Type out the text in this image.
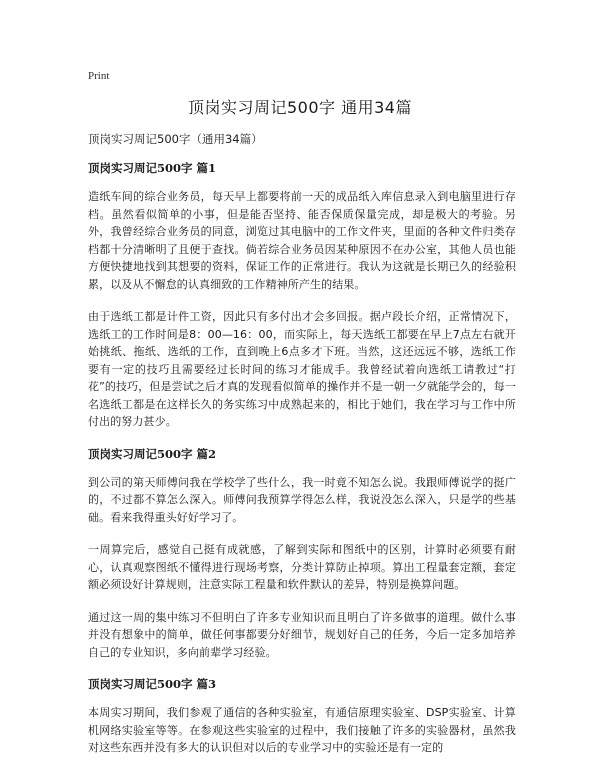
Print
顶岗实习周记500字 通用34篇
顶岗实习周记500字（通用34篇）
顶岗实习周记500字 篇1

造纸车间的综合业务员，每天早上都要将前一天的成品纸入库信息录入到电脑里进行存档。虽然看似简单的小事，但是能否坚持、能否保质保量完成，却是极大的考验。另外，我曾经综合业务员的同意，浏览过其电脑中的工作文件夹，里面的各种文件归类存档都十分清晰明了且便于查找。倘若综合业务员因某种原因不在办公室，其他人员也能方便快捷地找到其想要的资料，保证工作的正常进行。我认为这就是长期已久的经验积累，以及从不懈怠的认真细致的工作精神所产生的结果。

由于选纸工都是计件工资，因此只有多付出才会多回报。据卢段长介绍，正常情况下，选纸工的工作时间是8：00—16：00，而实际上，每天选纸工都要在早上7点左右就开始挑纸、拖纸、选纸的工作，直到晚上6点多才下班。当然，这还远远不够，选纸工作要有一定的技巧且需要经过长时间的练习才能成手。我曾经试着向选纸工请教过“打花”的技巧，但是尝试之后才真的发现看似简单的操作并不是一朝一夕就能学会的，每一名选纸工都是在这样长久的务实练习中成熟起来的，相比于她们，我在学习与工作中所付出的努力甚少。

顶岗实习周记500字 篇2

到公司的第天师傅问我在学校学了些什么，我一时竟不知怎么说。我跟师傅说学的挺广的，不过都不算怎么深入。师傅问我预算学得怎么样，我说没怎么深入，只是学的些基础。看来我得重头好好学习了。

一周算完后，感觉自己挺有成就感，了解到实际和图纸中的区别，计算时必须要有耐心，认真观察图纸不懂得进行现场考察，分类计算防止掉项。算出工程量套定额，套定额必须设好计算规则，注意实际工程量和软件默认的差异，特别是换算问题。

通过这一周的集中练习不但明白了许多专业知识而且明白了许多做事的道理。做什么事并没有想象中的简单，做任何事都要分好细节，规划好自己的任务，今后一定多加培养自己的专业知识，多向前辈学习经验。

顶岗实习周记500字 篇3

本周实习期间，我们参观了通信的各种实验室，有通信原理实验室、DSP实验室、计算机网络实验室等等。在参观这些实验室的过程中，我们接触了许多的实验器材，虽然我对这些东西并没有多大的认识但对以后的专业学习中的实验还是有一定的
